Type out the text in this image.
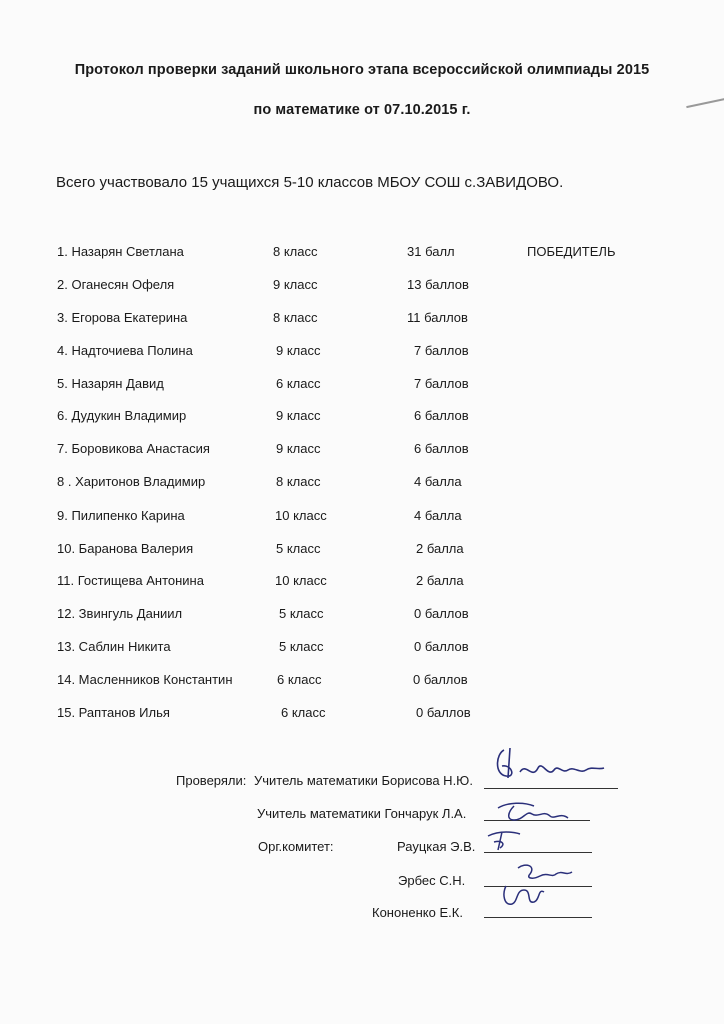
Протокол проверки заданий школьного этапа всероссийской олимпиады 2015
по математике от 07.10.2015 г.
Всего участвовало 15 учащихся 5-10 классов МБОУ СОШ с.ЗАВИДОВО.
1. Назарян Светлана	8 класс	31 балл	ПОБЕДИТЕЛЬ
2. Оганесян Офеля	9 класс	13 баллов
3. Егорова Екатерина	8 класс	11 баллов
4. Надточиева Полина	9 класс	7 баллов
5. Назарян Давид	6 класс	7 баллов
6. Дудукин Владимир	9 класс	6 баллов
7. Боровикова Анастасия	9 класс	6 баллов
8 . Харитонов Владимир	8 класс	4 балла
9. Пилипенко Карина	10 класс	4 балла
10. Баранова Валерия	5 класс	2 балла
11. Гостищева Антонина	10 класс	2 балла
12. Звингуль Даниил	5 класс	0 баллов
13. Саблин Никита	5 класс	0 баллов
14. Масленников Константин	6 класс	0 баллов
15. Раптанов Илья	6 класс	0 баллов
Проверяли: Учитель математики Борисова Н.Ю.
Учитель математики Гончарук Л.А.
Орг.комитет:	Рауцкая Э.В.
Эрбес С.Н.
Кононенко Е.К.
